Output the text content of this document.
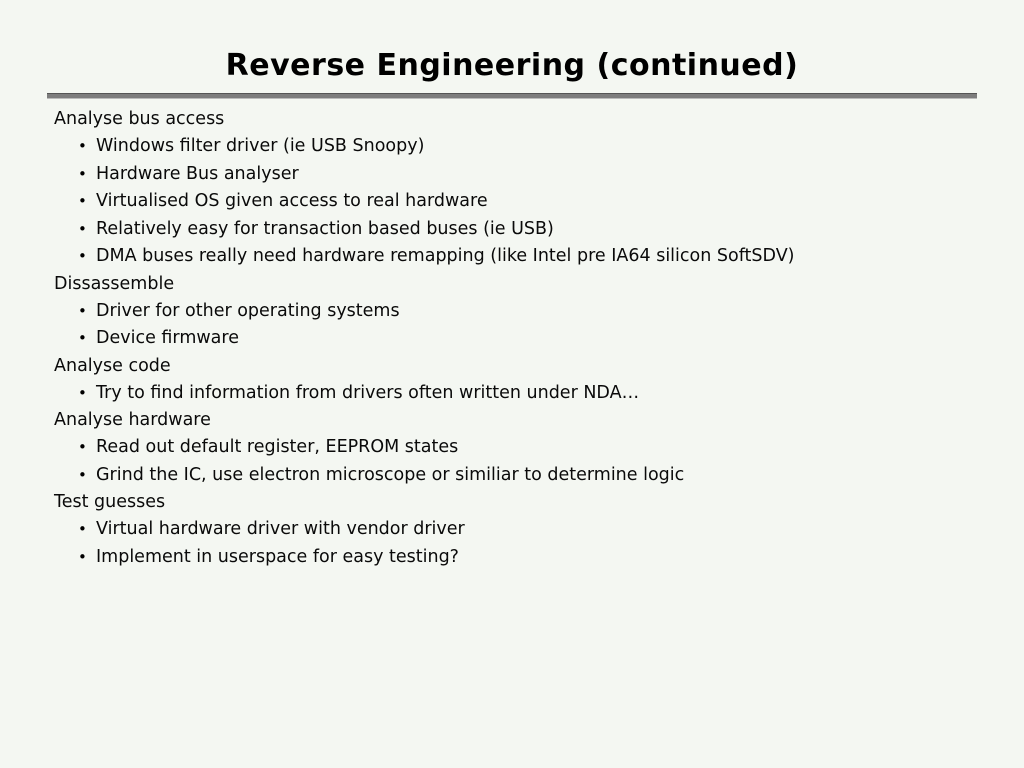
Reverse Engineering (continued)
Analyse bus access
• Windows filter driver (ie USB Snoopy)
• Hardware Bus analyser
• Virtualised OS given access to real hardware
• Relatively easy for transaction based buses (ie USB)
• DMA buses really need hardware remapping (like Intel pre IA64 silicon SoftSDV)
Dissassemble
• Driver for other operating systems
• Device firmware
Analyse code
• Try to find information from drivers often written under NDA…
Analyse hardware
• Read out default register, EEPROM states
• Grind the IC, use electron microscope or similiar to determine logic
Test guesses
• Virtual hardware driver with vendor driver
• Implement in userspace for easy testing?
